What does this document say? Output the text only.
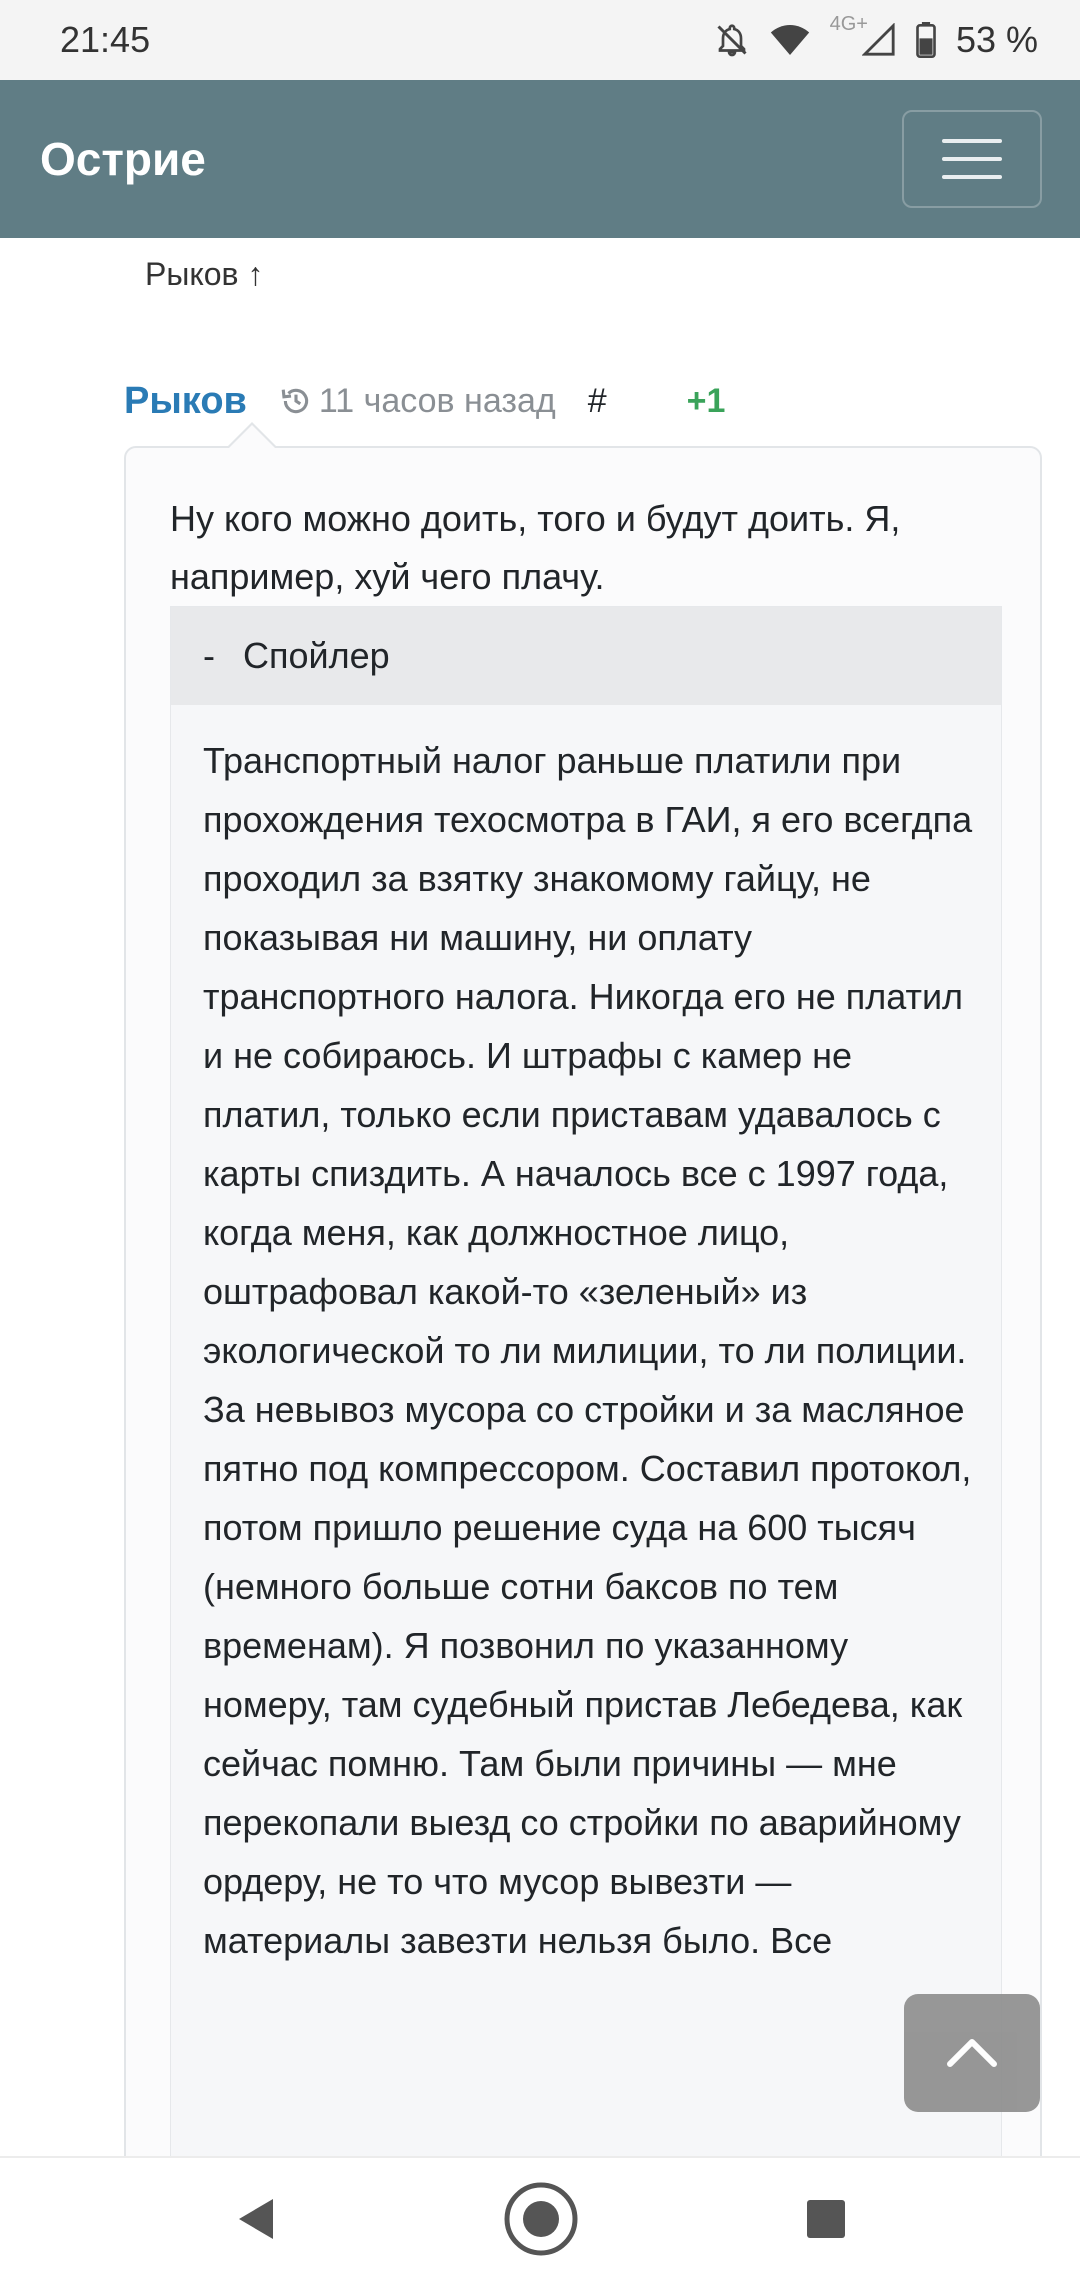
21:45	4G+ 53 %
Острие
Рыков ↑
Рыков 11 часов назад # +1
Ну кого можно доить, того и будут доить. Я, например, хуй чего плачу.
- Спойлер
Транспортный налог раньше платили при прохождения техосмотра в ГАИ, я его всегдпа проходил за взятку знакомому гайцу, не показывая ни машину, ни оплату транспортного налога. Никогда его не платил и не собираюсь. И штрафы с камер не платил, только если приставам удавалось с карты спиздить. А началось все с 1997 года, когда меня, как должностное лицо, оштрафовал какой-то «зеленый» из экологической то ли милиции, то ли полиции. За невывоз мусора со стройки и за масляное пятно под компрессором. Составил протокол, потом пришло решение суда на 600 тысяч (немного больше сотни баксов по тем временам). Я позвонил по указанному номеру, там судебный пристав Лебедева, как сейчас помню. Там были причины — мне перекопали выезд со стройки по аварийному ордеру, не то что мусор вывезти — материалы завезти нельзя было. Все
